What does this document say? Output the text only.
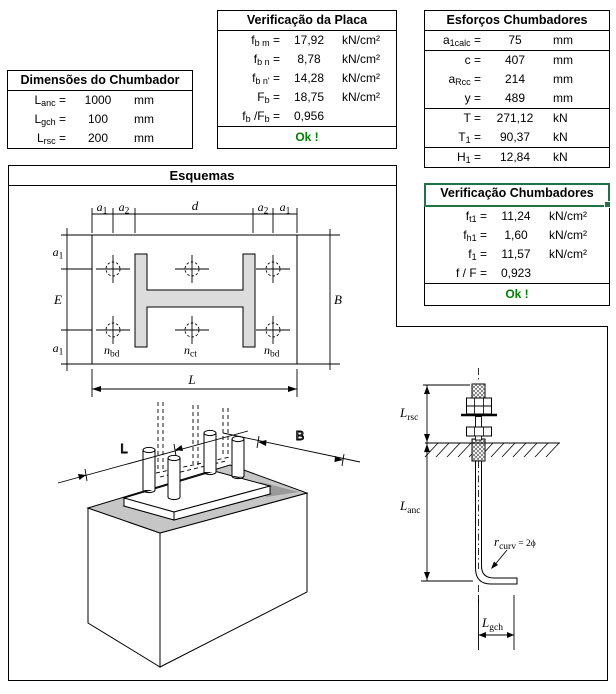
Dimensões do Chumbador
$L_{anc}$ =	1000	mm
$L_{gch}$ =	100	mm
$L_{rsc}$ =	200	mm
Verificação da Placa
$f_{b m}$ =	17,92	kN/cm²
$f_{b n}$ =	8,78	kN/cm²
$f_{b n'}$ =	14,28	kN/cm²
$F_b$ =	18,75	kN/cm²
$f_b$ $/F_b$ =	0,956
Ok !
Esforços Chumbadores
$a_{1calc}$ =	75	mm
c =	407	mm
$a_{Rcc}$ =	214	mm
y =	489	mm
T =	271,12	kN
$T_1$ =	90,37	kN
$H_1$ =	12,84	kN
Verificação Chumbadores
$f_{t1}$ =	11,24	kN/cm²
$f_{h1}$ =	1,60	kN/cm²
$f_1$ =	11,57	kN/cm²
f / F =	0,923
Ok !
Esquemas
$a_1$ $a_2$	d	$a_2$ $a_1$
$a_1$
E
$a_1$
B
L
$n_{bd}$	$n_{ct}$	$n_{bd}$
L
B
$A_b$
$L_b$
$B_b$
$L_{rsc}$
$L_{anc}$
$r_{curv}$ $^{= 2\phi}$
$L_{gch}$
